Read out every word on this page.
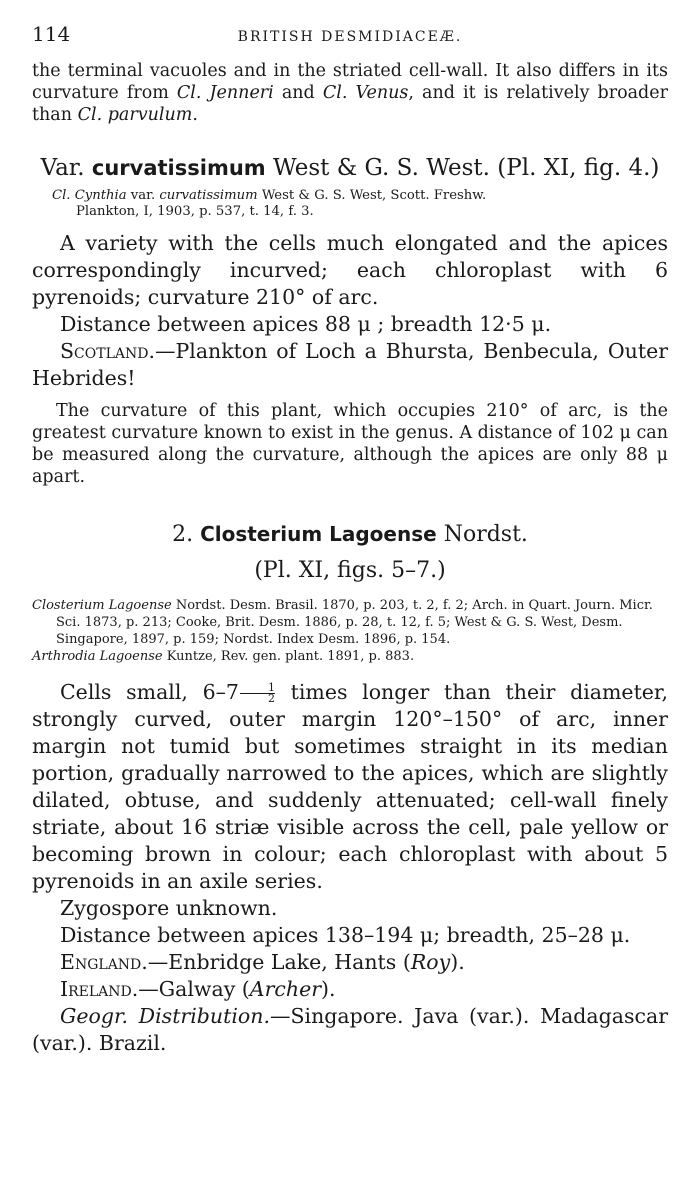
114	BRITISH DESMIDIACEÆ.

the terminal vacuoles and in the striated cell-wall. It also differs in its curvature from Cl. Jenneri and Cl. Venus, and it is relatively broader than Cl. parvulum.

Var. curvatissimum West & G. S. West. (Pl. XI, fig. 4.)

Cl. Cynthia var. curvatissimum West & G. S. West, Scott. Freshw.
Plankton, I, 1903, p. 537, t. 14, f. 3.

A variety with the cells much elongated and the apices correspondingly incurved; each chloroplast with 6 pyrenoids; curvature 210° of arc.

Distance between apices 88 μ ; breadth 12·5 μ.

Scotland.—Plankton of Loch a Bhursta, Benbecula, Outer Hebrides!

The curvature of this plant, which occupies 210° of arc, is the greatest curvature known to exist in the genus. A distance of 102 μ can be measured along the curvature, although the apices are only 88 μ apart.

2. Closterium Lagoense Nordst.
(Pl. XI, figs. 5–7.)
Closterium Lagoense Nordst. Desm. Brasil. 1870, p. 203, t. 2, f. 2; Arch. in Quart. Journ. Micr. Sci. 1873, p. 213; Cooke, Brit. Desm. 1886, p. 28, t. 12, f. 5; West & G. S. West, Desm. Singapore, 1897, p. 159; Nordst. Index Desm. 1896, p. 154.
Arthrodia Lagoense Kuntze, Rev. gen. plant. 1891, p. 883.

Cells small, $6-7 \frac{1}{2}$ times longer than their diameter, strongly curved, outer margin 120°–150° of arc, inner margin not tumid but sometimes straight in its median portion, gradually narrowed to the apices, which are slightly dilated, obtuse, and suddenly attenuated; cell-wall finely striate, about 16 striæ visible across the cell, pale yellow or becoming brown in colour; each chloroplast with about 5 pyrenoids in an axile series.

Zygospore unknown.

Distance between apices 138–194 μ; breadth, 25–28 μ.

England.—Enbridge Lake, Hants (Roy).

Ireland.—Galway (Archer).

Geogr. Distribution.—Singapore. Java (var.). Madagascar (var.). Brazil.
